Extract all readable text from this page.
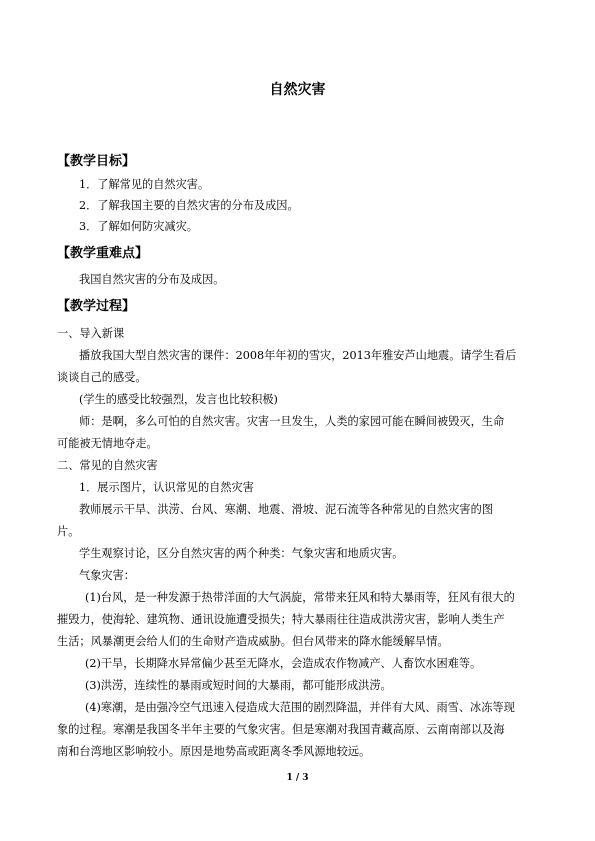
自然灾害
【教学目标】
1．了解常见的自然灾害。
2．了解我国主要的自然灾害的分布及成因。
3．了解如何防灾减灾。
【教学重难点】
我国自然灾害的分布及成因。
【教学过程】
一、导入新课
播放我国大型自然灾害的课件：2008年年初的雪灾，2013年雅安芦山地震。请学生看后
谈谈自己的感受。
(学生的感受比较强烈，发言也比较积极)
师：是啊，多么可怕的自然灾害。灾害一旦发生，人类的家园可能在瞬间被毁灭，生命
可能被无情地夺走。
二、常见的自然灾害
1．展示图片，认识常见的自然灾害
教师展示干旱、洪涝、台风、寒潮、地震、滑坡、泥石流等各种常见的自然灾害的图
片。
学生观察讨论，区分自然灾害的两个种类：气象灾害和地质灾害。
气象灾害：
(1)台风，是一种发源于热带洋面的大气涡旋，常带来狂风和特大暴雨等，狂风有很大的
摧毁力，使海轮、建筑物、通讯设施遭受损失；特大暴雨往往造成洪涝灾害，影响人类生产
生活；风暴潮更会给人们的生命财产造成威胁。但台风带来的降水能缓解旱情。
(2)干旱，长期降水异常偏少甚至无降水，会造成农作物减产、人畜饮水困难等。
(3)洪涝，连续性的暴雨或短时间的大暴雨，都可能形成洪涝。
(4)寒潮，是由强冷空气迅速入侵造成大范围的剧烈降温，并伴有大风、雨雪、冰冻等现
象的过程。寒潮是我国冬半年主要的气象灾害。但是寒潮对我国青藏高原、云南南部以及海
南和台湾地区影响较小。原因是地势高或距离冬季风源地较远。
1 / 3
